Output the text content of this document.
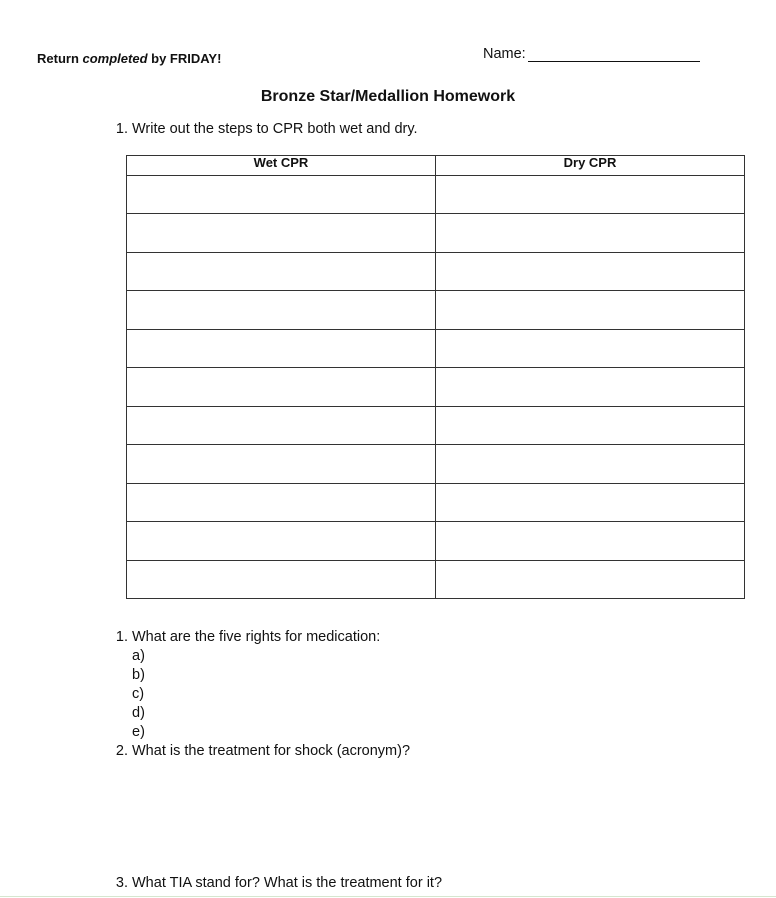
Return completed by FRIDAY!	Name:
Bronze Star/Medallion Homework
1. Write out the steps to CPR both wet and dry.
Wet CPR	Dry CPR
1. What are the five rights for medication:
a)
b)
c)
d)
e)
2. What is the treatment for shock (acronym)?
3. What TIA stand for? What is the treatment for it?
